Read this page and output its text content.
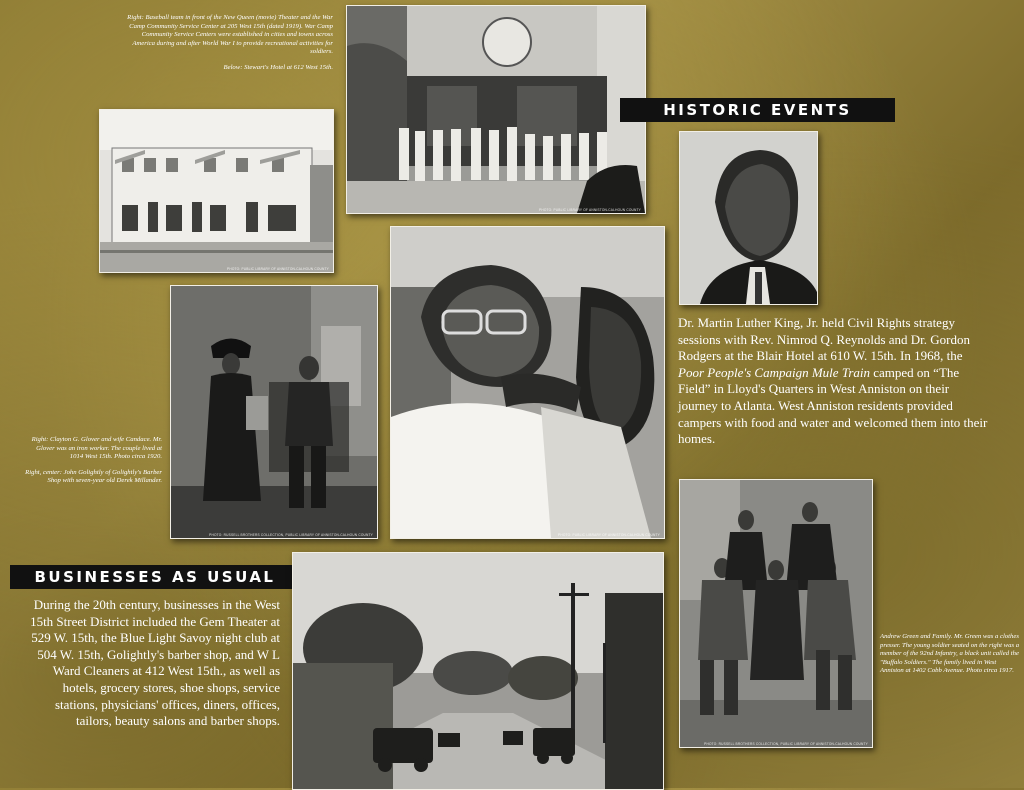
Right: Baseball team in front of the New Queen (movie) Theater and the War Camp Community Service Center at 205 West 15th (dated 1919). War Camp Community Service Centers were established in cities and towns across America during and after World War I to provide recreational activities for soldiers.

Below: Stewart's Hotel at 612 West 15th.

PHOTO: PUBLIC LIBRARY OF ANNISTON-CALHOUN COUNTY
PHOTO: PUBLIC LIBRARY OF ANNISTON-CALHOUN COUNTY
HISTORIC EVENTS
Dr. Martin Luther King, Jr. held Civil Rights strategy sessions with Rev. Nimrod Q. Reynolds and Dr. Gordon Rodgers at the Blair Hotel at 610 W. 15th. In 1968, the Poor People's Campaign Mule Train camped on “The Field” in Lloyd's Quarters in West Anniston on their journey to Atlanta. West Anniston residents provided campers with food and water and welcomed them into their homes.
PHOTO: RUSSELL BROTHERS COLLECTION, PUBLIC LIBRARY OF ANNISTON-CALHOUN COUNTY

Right: Clayton G. Glover and wife Candace. Mr. Glover was an iron worker. The couple lived at 1014 West 15th. Photo circa 1920.

Right, center: John Golightly of Golightly's Barber Shop with seven-year old Derek Millander.

PHOTO: PUBLIC LIBRARY OF ANNISTON-CALHOUN COUNTY
PHOTO: RUSSELL BROTHERS COLLECTION, PUBLIC LIBRARY OF ANNISTON-CALHOUN COUNTY
Andrew Green and Family. Mr. Green was a clothes presser. The young soldier seated on the right was a member of the 92nd Infantry, a black unit called the "Buffalo Soldiers." The family lived in West Anniston at 1402 Cobb Avenue. Photo circa 1917.
BUSINESSES AS USUAL
During the 20th century, businesses in the West 15th Street District included the Gem Theater at 529 W. 15th, the Blue Light Savoy night club at 504 W. 15th, Golightly's barber shop, and W L Ward Cleaners at 412 West 15th., as well as hotels, grocery stores, shoe shops, service stations, physicians' offices, diners, offices, tailors, beauty salons and barber shops.
